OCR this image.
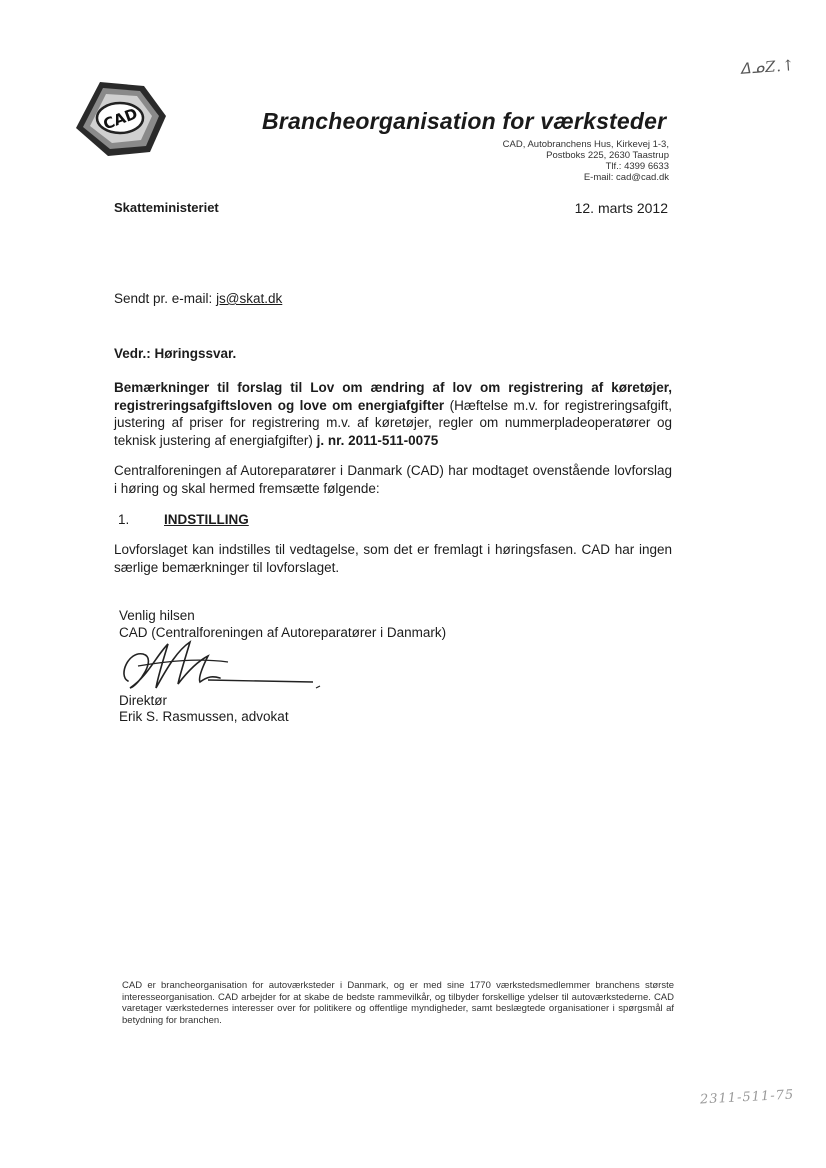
ᐃᓄZ.↑
CAD	Brancheorganisation for værksteder
CAD, Autobranchens Hus, Kirkevej 1-3,
Postboks 225, 2630 Taastrup
Tlf.: 4399 6633
E-mail: cad@cad.dk
Skatteministeriet	12. marts 2012
Sendt pr. e-mail: js@skat.dk
Vedr.: Høringssvar.
Bemærkninger til forslag til Lov om ændring af lov om registrering af køretøjer, registreringsafgiftsloven og love om energiafgifter (Hæftelse m.v. for registreringsafgift, justering af priser for registrering m.v. af køretøjer, regler om nummerpladeoperatører og teknisk justering af energiafgifter) j. nr. 2011-511-0075
Centralforeningen af Autoreparatører i Danmark (CAD) har modtaget ovenstående lovforslag i høring og skal hermed fremsætte følgende:
1.	INDSTILLING
Lovforslaget kan indstilles til vedtagelse, som det er fremlagt i høringsfasen. CAD har ingen særlige bemærkninger til lovforslaget.
Venlig hilsen
CAD (Centralforeningen af Autoreparatører i Danmark)
Direktør
Erik S. Rasmussen, advokat
CAD er brancheorganisation for autoværksteder i Danmark, og er med sine 1770 værkstedsmedlemmer branchens største interesseorganisation. CAD arbejder for at skabe de bedste rammevilkår, og tilbyder forskellige ydelser til autoværkstederne. CAD varetager værkstedernes interesser over for politikere og offentlige myndigheder, samt beslægtede organisationer i spørgsmål af betydning for branchen.
2311-511-75
